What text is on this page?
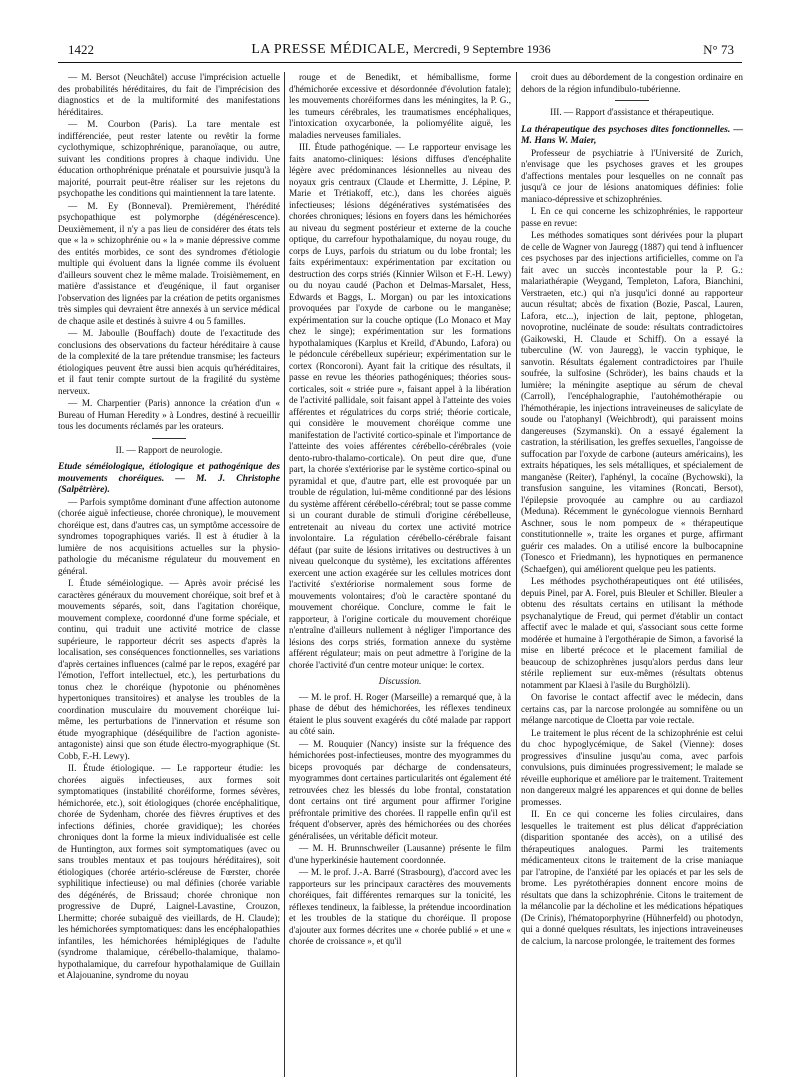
1422	LA PRESSE MÉDICALE, Mercredi, 9 Septembre 1936	N° 73

— M. Bersot (Neuchâtel) accuse l'imprécision actuelle des probabilités héréditaires, du fait de l'imprécision des diagnostics et de la multiformité des manifestations héréditaires.

— M. Courbon (Paris). La tare mentale est indifférenciée, peut rester latente ou revêtir la forme cyclothymique, schizophrénique, paranoïaque, ou autre, suivant les conditions propres à chaque individu. Une éducation orthophrénique prénatale et poursuivie jusqu'à la majorité, pourrait peut-être réaliser sur les rejetons du psychopathe les conditions qui maintiennent la tare latente.

— M. Ey (Bonneval). Premièrement, l'hérédité psychopathique est polymorphe (dégénérescence). Deuxièmement, il n'y a pas lieu de considérer des états tels que « la » schizophrénie ou « la » manie dépressive comme des entités morbides, ce sont des syndromes d'étiologie multiple qui évoluent dans la lignée comme ils évoluent d'ailleurs souvent chez le même malade. Troisièmement, en matière d'assistance et d'eugénique, il faut organiser l'observation des lignées par la création de petits organismes très simples qui devraient être annexés à un service médical de chaque asile et destinés à suivre 4 ou 5 familles.

— M. Jaboulle (Bouffach) doute de l'exactitude des conclusions des observations du facteur héréditaire à cause de la complexité de la tare prétendue transmise; les facteurs étiologiques peuvent être aussi bien acquis qu'héréditaires, et il faut tenir compte surtout de la fragilité du système nerveux.

— M. Charpentier (Paris) annonce la création d'un « Bureau of Human Heredity » à Londres, destiné à recueillir tous les documents réclamés par les orateurs.

II. — Rapport de neurologie.

Etude séméiologique, étiologique et pathogénique des mouvements choréiques. — M. J. Christophe (Salpêtrière).

— Parfois symptôme dominant d'une affection autonome (chorée aiguë infectieuse, chorée chronique), le mouvement choréique est, dans d'autres cas, un symptôme accessoire de syndromes topographiques variés. Il est à étudier à la lumière de nos acquisitions actuelles sur la physio-pathologie du mécanisme régulateur du mouvement en général.

I. Étude séméiologique. — Après avoir précisé les caractères généraux du mouvement choréique, soit bref et à mouvements séparés, soit, dans l'agitation choréique, mouvement complexe, coordonné d'une forme spéciale, et continu, qui traduit une activité motrice de classe supérieure, le rapporteur décrit ses aspects d'après la localisation, ses conséquences fonctionnelles, ses variations d'après certaines influences (calmé par le repos, exagéré par l'émotion, l'effort intellectuel, etc.), les perturbations du tonus chez le choréique (hypotonie ou phénomènes hypertoniques transitoires) et analyse les troubles de la coordination musculaire du mouvement choréique lui-même, les perturbations de l'innervation et résume son étude myographique (déséquilibre de l'action agoniste-antagoniste) ainsi que son étude électro-myographique (St. Cobb, F.-H. Lewy).

II. Étude étiologique. — Le rapporteur étudie: les chorées aiguës infectieuses, aux formes soit symptomatiques (instabilité choréiforme, formes sévères, hémichorée, etc.), soit étiologiques (chorée encéphalitique, chorée de Sydenham, chorée des fièvres éruptives et des infections définies, chorée gravidique); les chorées chroniques dont la forme la mieux individualisée est celle de Huntington, aux formes soit symptomatiques (avec ou sans troubles mentaux et pas toujours héréditaires), soit étiologiques (chorée artério-scléreuse de Fœrster, chorée syphilitique infectieuse) ou mal définies (chorée variable des dégénérés, de Brissaud; chorée chronique non progressive de Dupré, Laignel-Lavastine, Crouzon, Lhermitte; chorée subaiguë des vieillards, de H. Claude); les hémichorées symptomatiques: dans les encéphalopathies infantiles, les hémichorées hémiplégiques de l'adulte (syndrome thalamique, cérébello-thalamique, thalamo-hypothalamique, du carrefour hypothalamique de Guillain et Alajouanine, syndrome du noyau

rouge et de Benedikt, et hémiballisme, forme d'hémichorée excessive et désordonnée d'évolution fatale); les mouvements choréiformes dans les méningites, la P. G., les tumeurs cérébrales, les traumatismes encéphaliques, l'intoxication oxycarbonée, la poliomyélite aiguë, les maladies nerveuses familiales.

III. Étude pathogénique. — Le rapporteur envisage les faits anatomo-cliniques: lésions diffuses d'encéphalite légère avec prédominances lésionnelles au niveau des noyaux gris centraux (Claude et Lhermitte, J. Lépine, P. Marie et Trétiakoff, etc.), dans les chorées aiguës infectieuses; lésions dégénératives systématisées des chorées chroniques; lésions en foyers dans les hémichorées au niveau du segment postérieur et externe de la couche optique, du carrefour hypothalamique, du noyau rouge, du corps de Luys, parfois du striatum ou du lobe frontal; les faits expérimentaux: expérimentation par excitation ou destruction des corps striés (Kinnier Wilson et F.-H. Lewy) ou du noyau caudé (Pachon et Delmas-Marsalet, Hess, Edwards et Baggs, L. Morgan) ou par les intoxications provoquées par l'oxyde de carbone ou le manganèse; expérimentation sur la couche optique (Lo Monaco et May chez le singe); expérimentation sur les formations hypothalamiques (Karplus et Kreild, d'Abundo, Lafora) ou le pédoncule cérébelleux supérieur; expérimentation sur le cortex (Roncoroni). Ayant fait la critique des résultats, il passe en revue les théories pathogéniques; théories sous-corticales, soit « striée pure », faisant appel à la libération de l'activité pallidale, soit faisant appel à l'atteinte des voies afférentes et régulatrices du corps strié; théorie corticale, qui considère le mouvement choréique comme une manifestation de l'activité cortico-spinale et l'importance de l'atteinte des voies afférentes cérébello-cérébrales (voie dento-rubro-thalamo-corticale). On peut dire que, d'une part, la chorée s'extériorise par le système cortico-spinal ou pyramidal et que, d'autre part, elle est provoquée par un trouble de régulation, lui-même conditionné par des lésions du système afférent cérébello-cérébral; tout se passe comme si un courant durable de stimuli d'origine cérébelleuse, entretenait au niveau du cortex une activité motrice involontaire. La régulation cérébello-cérébrale faisant défaut (par suite de lésions irritatives ou destructives à un niveau quelconque du système), les excitations afférentes exercent une action exagérée sur les cellules motrices dont l'activité s'extériorise normalement sous forme de mouvements volontaires; d'où le caractère spontané du mouvement choréique. Conclure, comme le fait le rapporteur, à l'origine corticale du mouvement choréique n'entraîne d'ailleurs nullement à négliger l'importance des lésions des corps striés, formation annexe du système afférent régulateur; mais on peut admettre à l'origine de la chorée l'activité d'un centre moteur unique: le cortex.

Discussion.

— M. le prof. H. Roger (Marseille) a remarqué que, à la phase de début des hémichorées, les réflexes tendineux étaient le plus souvent exagérés du côté malade par rapport au côté sain.

— M. Rouquier (Nancy) insiste sur la fréquence des hémichorées post-infectieuses, montre des myogrammes du biceps provoqués par décharge de condensateurs, myogrammes dont certaines particularités ont également été retrouvées chez les blessés du lobe frontal, constatation dont certains ont tiré argument pour affirmer l'origine préfrontale primitive des chorées. Il rappelle enfin qu'il est fréquent d'observer, après des hémichorées ou des chorées généralisées, un véritable déficit moteur.

— M. H. Brunnschweiler (Lausanne) présente le film d'une hyperkinésie hautement coordonnée.

— M. le prof. J.-A. Barré (Strasbourg), d'accord avec les rapporteurs sur les principaux caractères des mouvements choréiques, fait différentes remarques sur la tonicité, les réflexes tendineux, la faiblesse, la prétendue incoordination et les troubles de la statique du choréique. Il propose d'ajouter aux formes décrites une « chorée publié » et une « chorée de croissance », et qu'il

croit dues au débordement de la congestion ordinaire en dehors de la région infundibulo-tubérienne.

III. — Rapport d'assistance et thérapeutique.

La thérapeutique des psychoses dites fonctionnelles. — M. Hans W. Maier,

Professeur de psychiatrie à l'Université de Zurich, n'envisage que les psychoses graves et les groupes d'affections mentales pour lesquelles on ne connaît pas jusqu'à ce jour de lésions anatomiques définies: folie maniaco-dépressive et schizophrénies.

I. En ce qui concerne les schizophrénies, le rapporteur passe en revue:

Les méthodes somatiques sont dérivées pour la plupart de celle de Wagner von Jauregg (1887) qui tend à influencer ces psychoses par des injections artificielles, comme on l'a fait avec un succès incontestable pour la P. G.: malariathérapie (Weygand, Templeton, Lafora, Bianchini, Verstraeten, etc.) qui n'a jusqu'ici donné au rapporteur aucun résultat; abcès de fixation (Bozie, Pascal, Lauren, Lafora, etc...), injection de lait, peptone, phlogetan, novoprotine, nucléinate de soude: résultats contradictoires (Gaikowski, H. Claude et Schiff). On a essayé la tuberculine (W. von Jauregg), le vaccin typhique, le sanvotin. Résultats également contradictoires par l'huile soufrée, la sulfosine (Schröder), les bains chauds et la lumière; la méningite aseptique au sérum de cheval (Carroll), l'encéphalographie, l'autohémothérapie ou l'hémothérapie, les injections intraveineuses de salicylate de soude ou l'atophanyl (Weichbrodt), qui paraissent moins dangereuses (Szymanski). On a essayé également la castration, la stérilisation, les greffes sexuelles, l'angoisse de suffocation par l'oxyde de carbone (auteurs américains), les extraits hépatiques, les sels métalliques, et spécialement de manganèse (Reiter), l'aphényl, la cocaïne (Bychowski), la transfusion sanguine, les vitamines (Roncati, Bersot), l'épilepsie provoquée au camphre ou au cardiazol (Meduna). Récemment le gynécologue viennois Bernhard Aschner, sous le nom pompeux de « thérapeutique constitutionnelle », traite les organes et purge, affirmant guérir ces malades. On a utilisé encore la bulbocapnine (Tonesco et Friedmann), les hypnotiques en permanence (Schaefgen), qui améliorent quelque peu les patients.

Les méthodes psychothérapeutiques ont été utilisées, depuis Pinel, par A. Forel, puis Bleuler et Schiller. Bleuler a obtenu des résultats certains en utilisant la méthode psychanalytique de Freud, qui permet d'établir un contact affectif avec le malade et qui, s'associant sous cette forme modérée et humaine à l'ergothérapie de Simon, a favorisé la mise en liberté précoce et le placement familial de beaucoup de schizophrènes jusqu'alors perdus dans leur stérile repliement sur eux-mêmes (résultats obtenus notamment par Klaesi à l'asile du Burghölzli).

On favorise le contact affectif avec le médecin, dans certains cas, par la narcose prolongée au somnifène ou un mélange narcotique de Cloetta par voie rectale.

Le traitement le plus récent de la schizophrénie est celui du choc hypoglycémique, de Sakel (Vienne): doses progressives d'insuline jusqu'au coma, avec parfois convulsions, puis diminuées progressivement; le malade se réveille euphorique et améliore par le traitement. Traitement non dangereux malgré les apparences et qui donne de belles promesses.

II. En ce qui concerne les folies circulaires, dans lesquelles le traitement est plus délicat d'appréciation (disparition spontanée des accès), on a utilisé des thérapeutiques analogues. Parmi les traitements médicamenteux citons le traitement de la crise maniaque par l'atropine, de l'anxiété par les opiacés et par les sels de brome. Les pyrétothérapies donnent encore moins de résultats que dans la schizophrénie. Citons le traitement de la mélancolie par la décholine et les médications hépatiques (De Crinis), l'hématoporphyrine (Hühnerfeld) ou photodyn, qui a donné quelques résultats, les injections intraveineuses de calcium, la narcose prolongée, le traitement des formes
